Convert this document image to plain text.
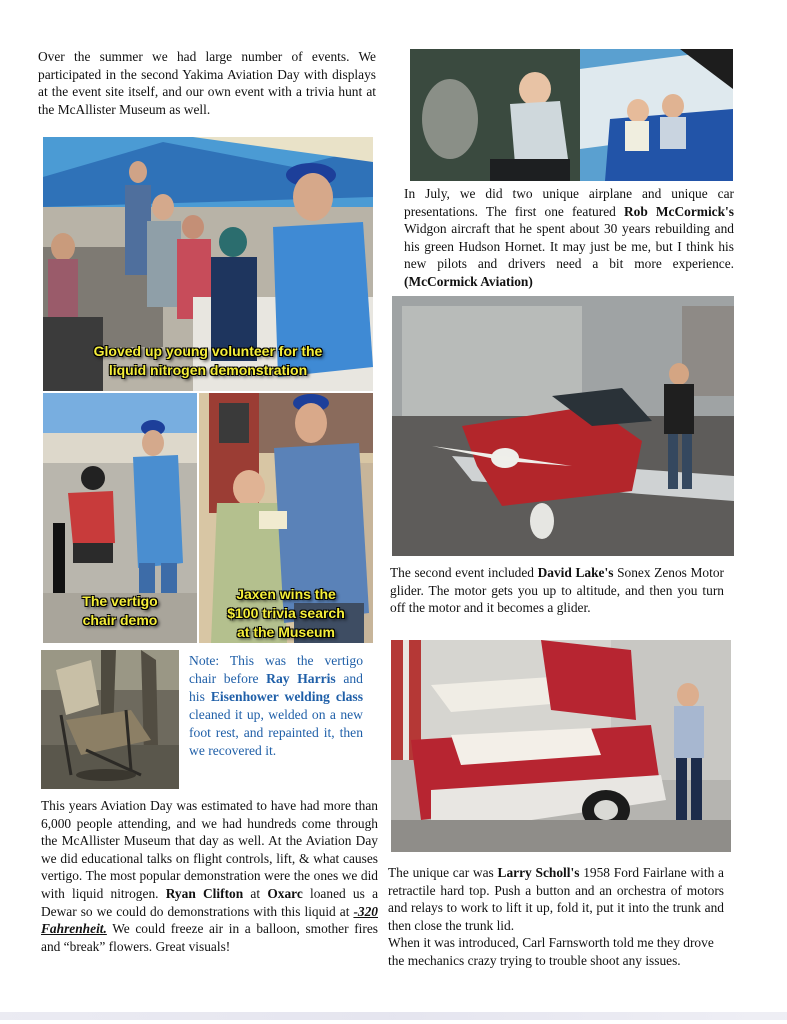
Over the summer we had large number of events. We participated in the second Yakima Aviation Day with displays at the event site itself, and our own event with a trivia hunt at the McAllister Museum as well.

Gloved up young volunteer for the
liquid nitrogen demonstration
The vertigo
chair demo
Jaxen wins the
$100 trivia search
at the Museum

Note: This was the vertigo chair before Ray Harris and his Eisenhower welding class cleaned it up, welded on a new foot rest, and repainted it, then we recovered it.

This years Aviation Day was estimated to have had more than 6,000 people attending, and we had hundreds come through the McAllister Museum that day as well. At the Aviation Day we did educational talks on flight controls, lift, & what causes vertigo. The most popular demonstration were the ones we did with liquid nitrogen. Ryan Clifton at Oxarc loaned us a Dewar so we could do demonstrations with this liquid at -320 Fahrenheit. We could freeze air in a balloon, smother fires and “break” flowers. Great visuals!

In July, we did two unique airplane and unique car presentations. The first one featured Rob McCormick's Widgon aircraft that he spent about 30 years rebuilding and his green Hudson Hornet. It may just be me, but I think his new pilots and drivers need a bit more experience. (McCormick Aviation)

The second event included David Lake's Sonex Zenos Motor glider. The motor gets you up to altitude, and then you turn off the motor and it becomes a glider.

The unique car was Larry Scholl's 1958 Ford Fairlane with a retractile hard top. Push a button and an orchestra of motors and relays to work to lift it up, fold it, put it into the trunk and then close the trunk lid.
When it was introduced, Carl Farnsworth told me they drove the mechanics crazy trying to trouble shoot any issues.
